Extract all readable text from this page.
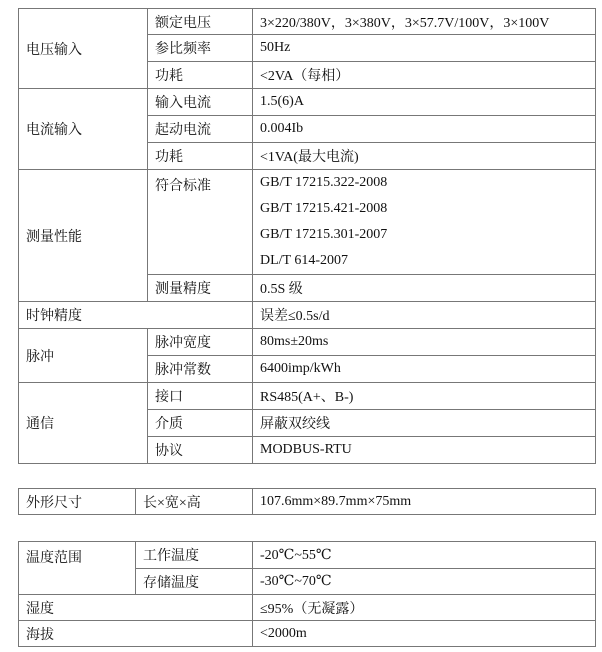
电压输入	额定电压	3×220/380V，3×380V，3×57.7V/100V，3×100V
	参比频率	50Hz
	功耗	<2VA（每相）
电流输入	输入电流	1.5(6)A
	起动电流	0.004Ib
	功耗	<1VA(最大电流)
测量性能	符合标准	GB/T 17215.322-2008
GB/T 17215.421-2008
GB/T 17215.301-2007
DL/T 614-2007

	测量精度	0.5S 级
时钟精度		误差≤0.5s/d
脉冲	脉冲宽度	80ms±20ms
	脉冲常数	6400imp/kWh
通信	接口	RS485(A+、B-)
	介质	屏蔽双绞线
	协议	MODBUS-RTU
外形尺寸	长×宽×高	107.6mm×89.7mm×75mm
温度范围	工作温度	-20℃~55℃
	存储温度	-30℃~70℃
湿度		≤95%（无凝露）
海拔		<2000m
